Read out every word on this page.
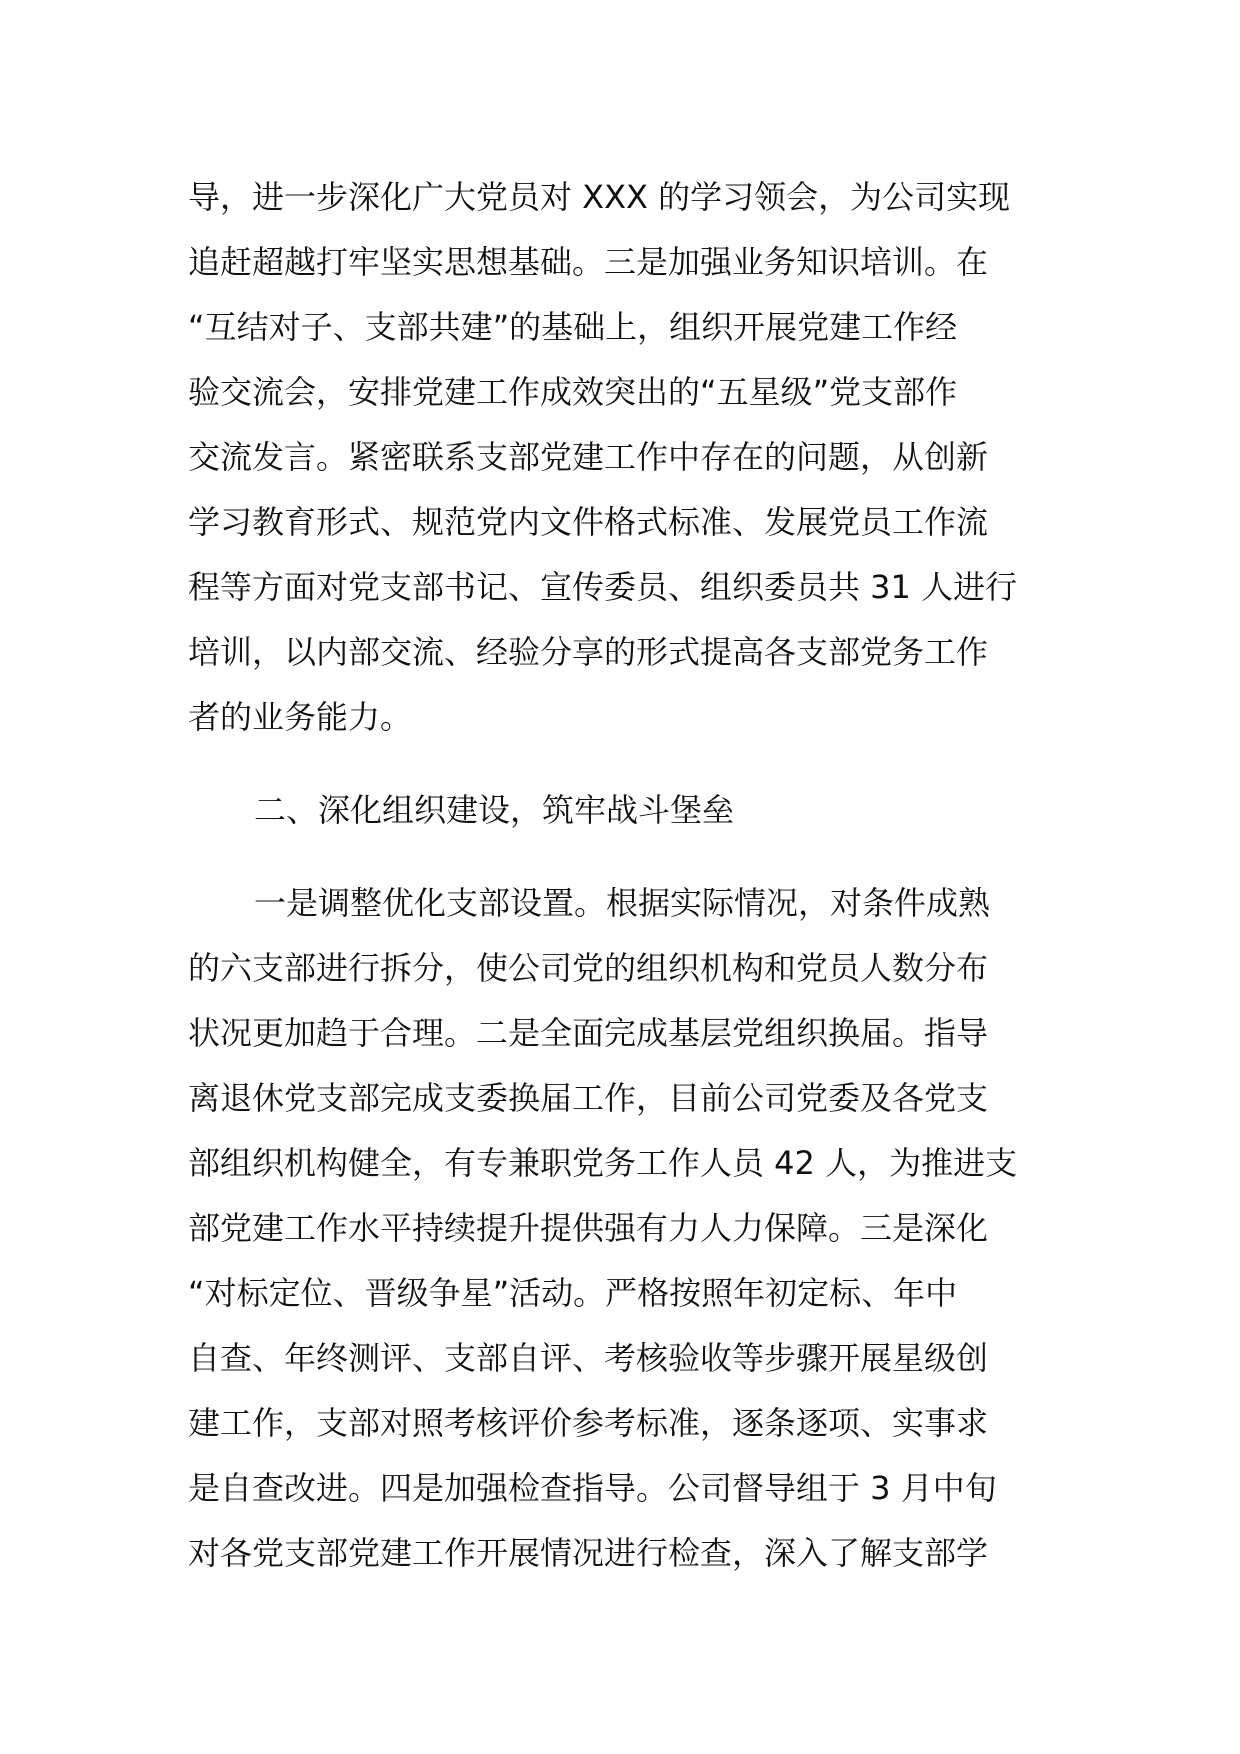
导，进一步深化广大党员对 XXX 的学习领会，为公司实现
追赶超越打牢坚实思想基础。三是加强业务知识培训。在
“互结对子、支部共建”的基础上，组织开展党建工作经
验交流会，安排党建工作成效突出的“五星级”党支部作
交流发言。紧密联系支部党建工作中存在的问题，从创新
学习教育形式、规范党内文件格式标准、发展党员工作流
程等方面对党支部书记、宣传委员、组织委员共 31 人进行
培训，以内部交流、经验分享的形式提高各支部党务工作
者的业务能力。
二、深化组织建设，筑牢战斗堡垒
一是调整优化支部设置。根据实际情况，对条件成熟
的六支部进行拆分，使公司党的组织机构和党员人数分布
状况更加趋于合理。二是全面完成基层党组织换届。指导
离退休党支部完成支委换届工作，目前公司党委及各党支
部组织机构健全，有专兼职党务工作人员 42 人，为推进支
部党建工作水平持续提升提供强有力人力保障。三是深化
“对标定位、晋级争星”活动。严格按照年初定标、年中
自查、年终测评、支部自评、考核验收等步骤开展星级创
建工作，支部对照考核评价参考标准，逐条逐项、实事求
是自查改进。四是加强检查指导。公司督导组于 3 月中旬
对各党支部党建工作开展情况进行检查，深入了解支部学
